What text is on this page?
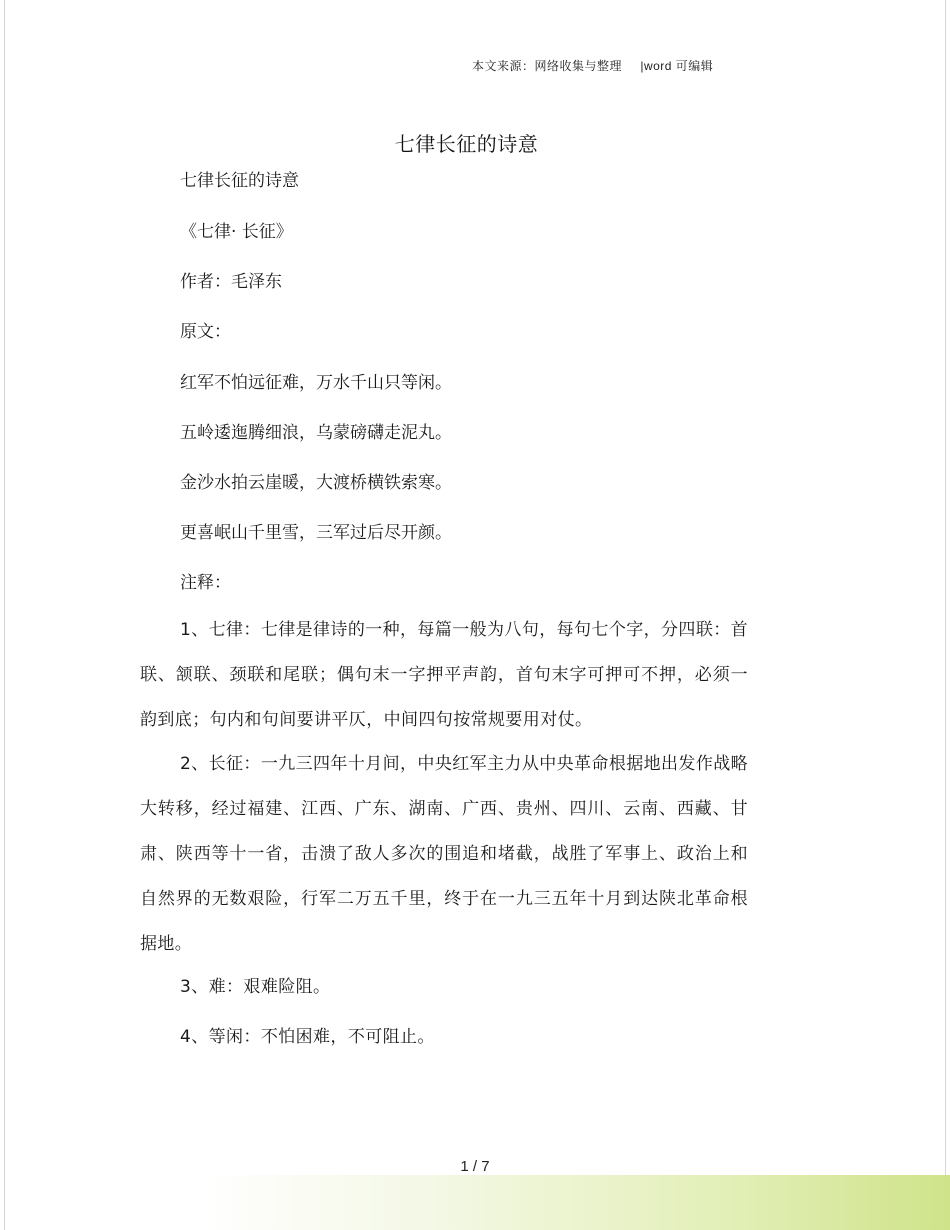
本文来源：网络收集与整理 |word 可编辑
七律长征的诗意
七律长征的诗意
《七律· 长征》
作者：毛泽东
原文：
红军不怕远征难，万水千山只等闲。
五岭逶迤腾细浪，乌蒙磅礴走泥丸。
金沙水拍云崖暖，大渡桥横铁索寒。
更喜岷山千里雪，三军过后尽开颜。
注释：
1、七律：七律是律诗的一种，每篇一般为八句，每句七个字，分四联：首联、颔联、颈联和尾联；偶句末一字押平声韵，首句末字可押可不押，必须一韵到底；句内和句间要讲平仄，中间四句按常规要用对仗。
2、长征：一九三四年十月间，中央红军主力从中央革命根据地出发作战略大转移，经过福建、江西、广东、湖南、广西、贵州、四川、云南、西藏、甘肃、陕西等十一省，击溃了敌人多次的围追和堵截，战胜了军事上、政治上和自然界的无数艰险，行军二万五千里，终于在一九三五年十月到达陕北革命根据地。
3、难：艰难险阻。
4、等闲：不怕困难，不可阻止。
1 / 7
